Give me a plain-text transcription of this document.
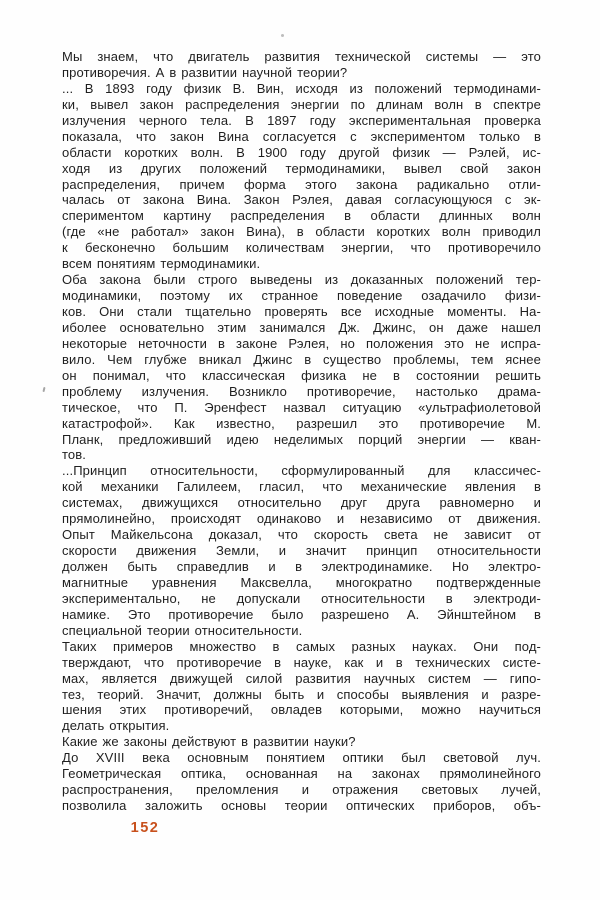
Мы знаем, что двигатель развития технической системы — это
противоречия. А в развитии научной теории?
... В 1893 году физик В. Вин, исходя из положений термодинами-
ки, вывел закон распределения энергии по длинам волн в спектре
излучения черного тела. В 1897 году экспериментальная проверка
показала, что закон Вина согласуется с экспериментом только в
области коротких волн. В 1900 году другой физик — Рэлей, ис-
ходя из других положений термодинамики, вывел свой закон
распределения, причем форма этого закона радикально отли-
чалась от закона Вина. Закон Рэлея, давая согласующуюся с эк-
спериментом картину распределения в области длинных волн
(где «не работал» закон Вина), в области коротких волн приводил
к бесконечно большим количествам энергии, что противоречило
всем понятиям термодинамики.
Оба закона были строго выведены из доказанных положений тер-
модинамики, поэтому их странное поведение озадачило физи-
ков. Они стали тщательно проверять все исходные моменты. На-
иболее основательно этим занимался Дж. Джинс, он даже нашел
некоторые неточности в законе Рэлея, но положения это не испра-
вило. Чем глубже вникал Джинс в существо проблемы, тем яснее
он понимал, что классическая физика не в состоянии решить
проблему излучения. Возникло противоречие, настолько драма-
тическое, что П. Эренфест назвал ситуацию «ультрафиолетовой
катастрофой». Как известно, разрешил это противоречие М.
Планк, предложивший идею неделимых порций энергии — кван-
тов.
...Принцип относительности, сформулированный для классичес-
кой механики Галилеем, гласил, что механические явления в
системах, движущихся относительно друг друга равномерно и
прямолинейно, происходят одинаково и независимо от движения.
Опыт Майкельсона доказал, что скорость света не зависит от
скорости движения Земли, и значит принцип относительности
должен быть справедлив и в электродинамике. Но электро-
магнитные уравнения Максвелла, многократно подтвержденные
экспериментально, не допускали относительности в электроди-
намике. Это противоречие было разрешено А. Эйнштейном в
специальной теории относительности.
Таких примеров множество в самых разных науках. Они под-
тверждают, что противоречие в науке, как и в технических систе-
мах, является движущей силой развития научных систем — гипо-
тез, теорий. Значит, должны быть и способы выявления и разре-
шения этих противоречий, овладев которыми, можно научиться
делать открытия.
Какие же законы действуют в развитии науки?
До XVIII века основным понятием оптики был световой луч.
Геометрическая оптика, основанная на законах прямолинейного
распространения, преломления и отражения световых лучей,
позволила заложить основы теории оптических приборов, объ-
152
